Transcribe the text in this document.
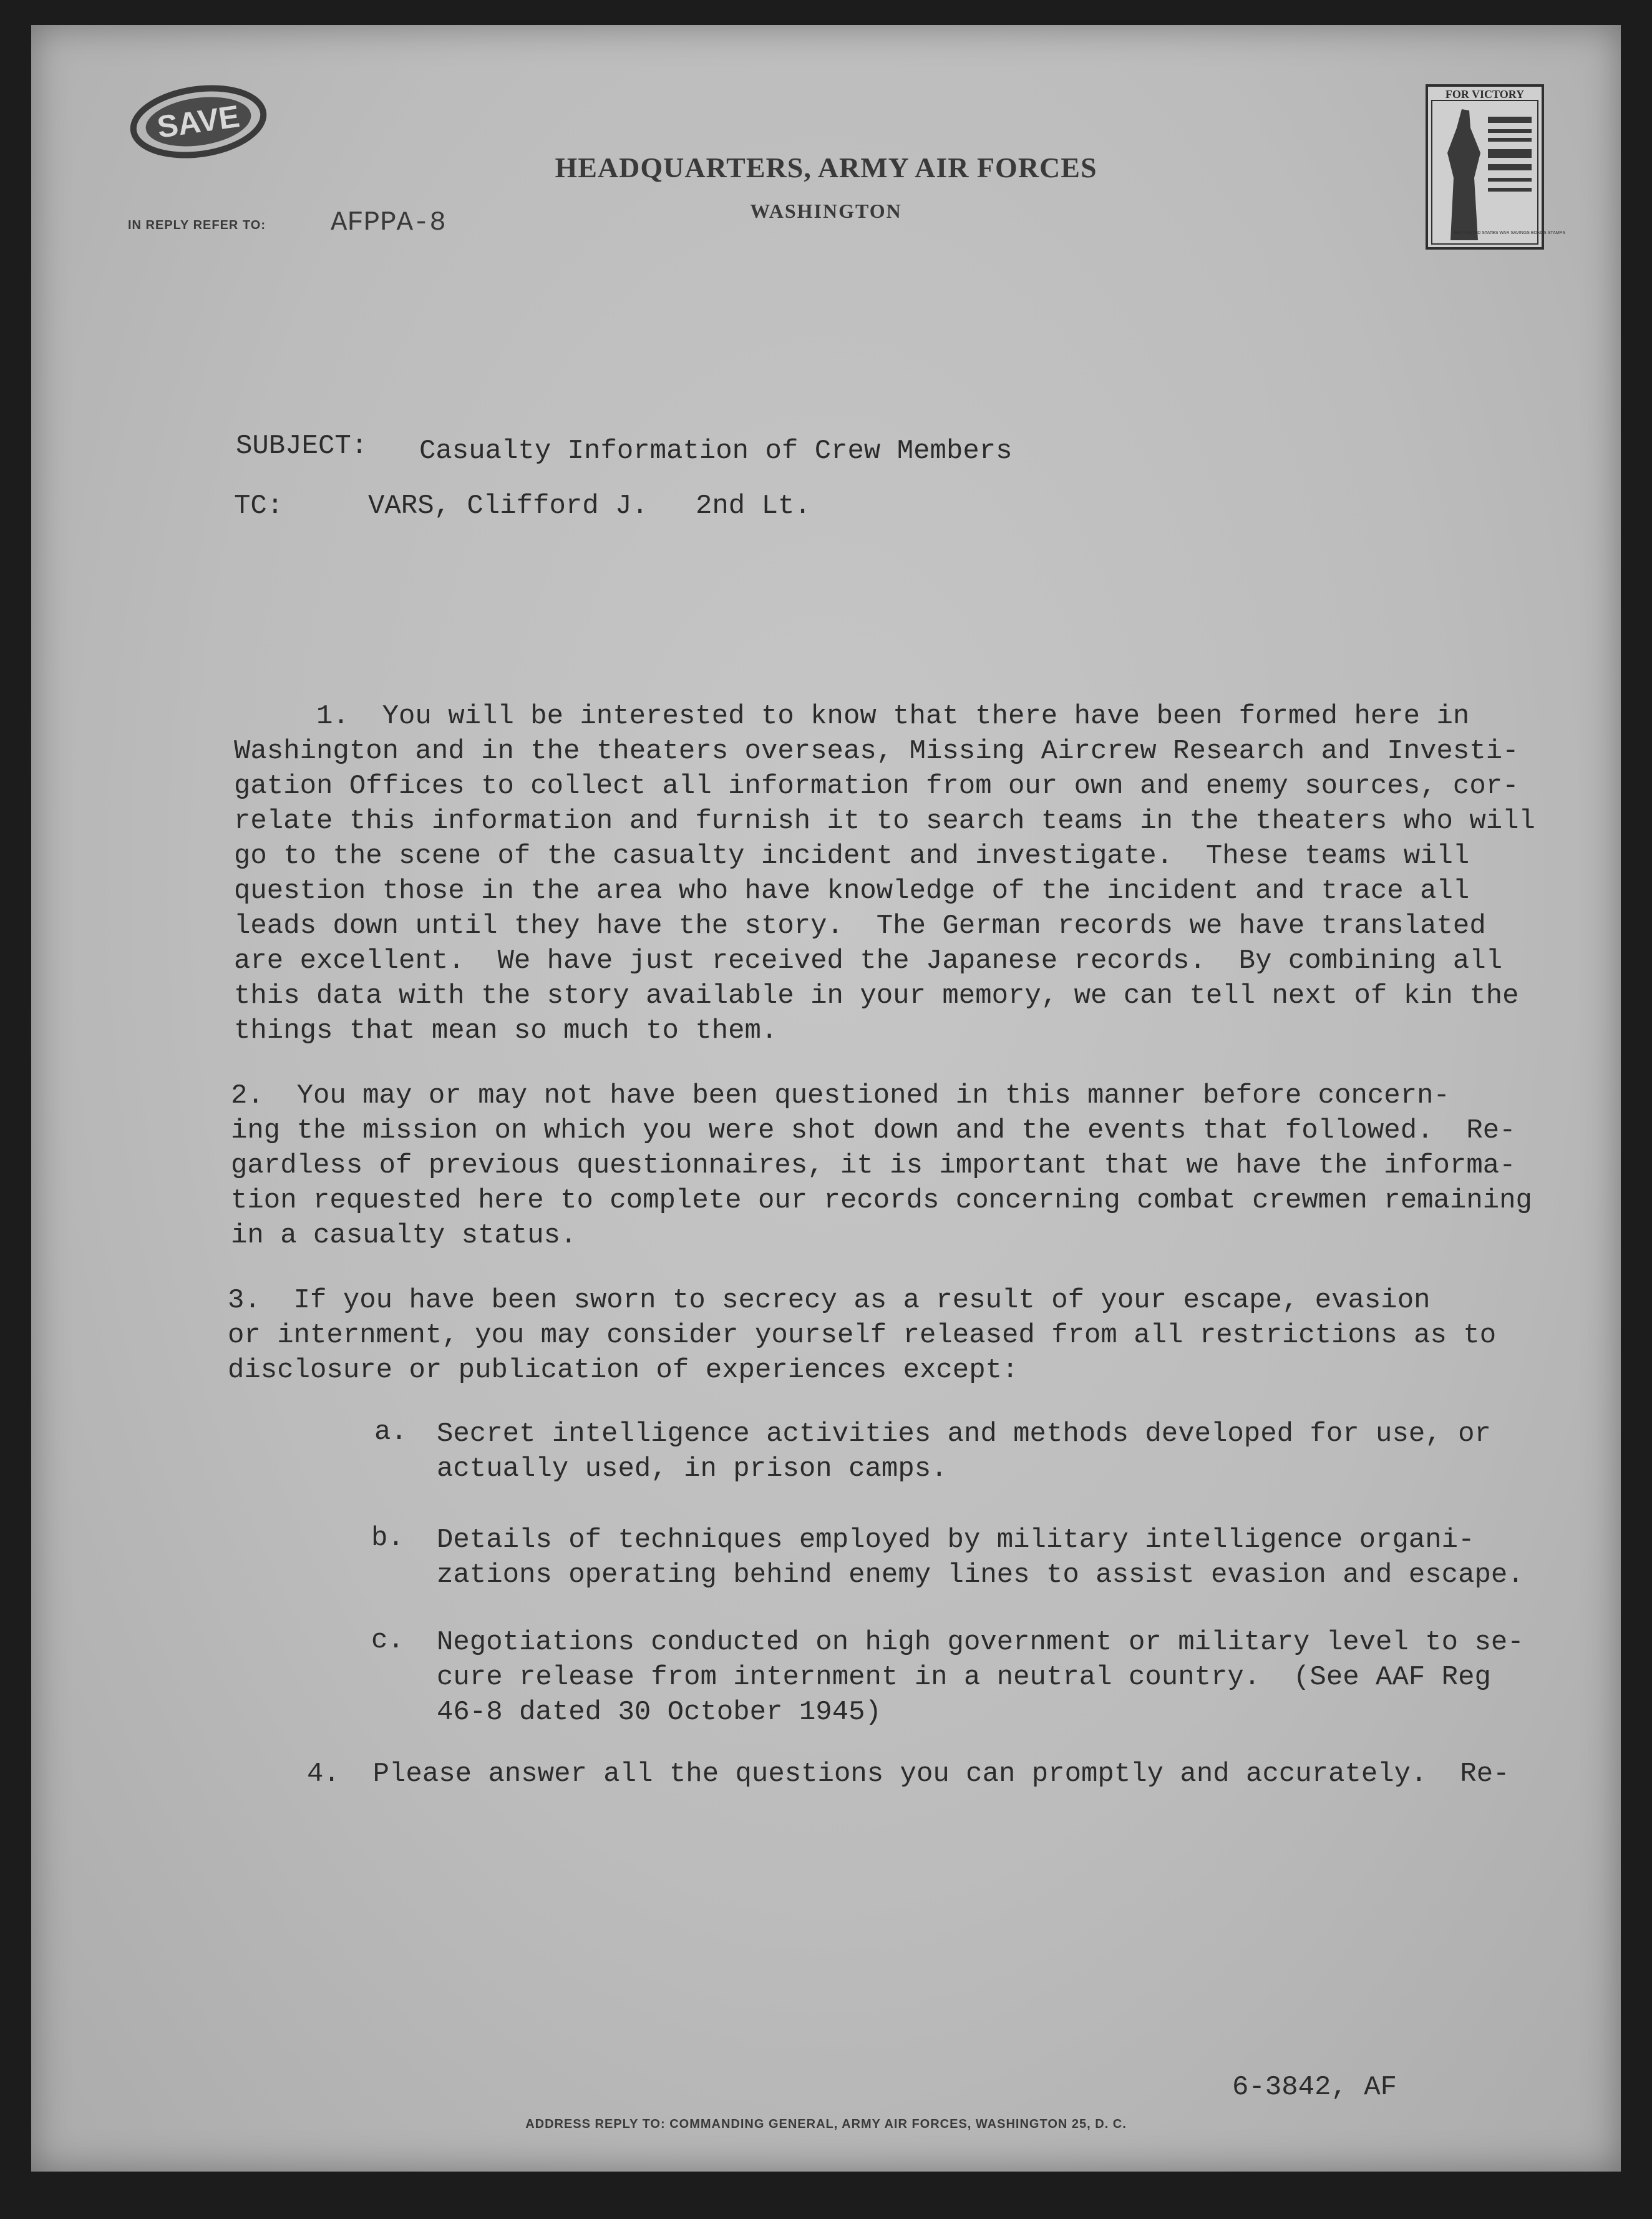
SAVE
FOR VICTORY
BUY UNITED STATES WAR SAVINGS BONDS STAMPS
HEADQUARTERS, ARMY AIR FORCES
WASHINGTON
IN REPLY REFER TO: AFPPA-8
SUBJECT: Casualty Information of Crew Members
TC:	VARS, Clifford J. 2nd Lt.
1.  You will be interested to know that there have been formed here in
Washington and in the theaters overseas, Missing Aircrew Research and Investi-
gation Offices to collect all information from our own and enemy sources, cor-
relate this information and furnish it to search teams in the theaters who will
go to the scene of the casualty incident and investigate.  These teams will
question those in the area who have knowledge of the incident and trace all
leads down until they have the story.  The German records we have translated
are excellent.  We have just received the Japanese records.  By combining all
this data with the story available in your memory, we can tell next of kin the
things that mean so much to them.
2.  You may or may not have been questioned in this manner before concern-
ing the mission on which you were shot down and the events that followed.  Re-
gardless of previous questionnaires, it is important that we have the informa-
tion requested here to complete our records concerning combat crewmen remaining
in a casualty status.
3.  If you have been sworn to secrecy as a result of your escape, evasion
or internment, you may consider yourself released from all restrictions as to
disclosure or publication of experiences except:
a. Secret intelligence activities and methods developed for use, or
actually used, in prison camps.
b. Details of techniques employed by military intelligence organi-
zations operating behind enemy lines to assist evasion and escape.
c. Negotiations conducted on high government or military level to se-
cure release from internment in a neutral country.  (See AAF Reg
46-8 dated 30 October 1945)
4.  Please answer all the questions you can promptly and accurately.  Re-
6-3842, AF
ADDRESS REPLY TO: COMMANDING GENERAL, ARMY AIR FORCES, WASHINGTON 25, D. C.
